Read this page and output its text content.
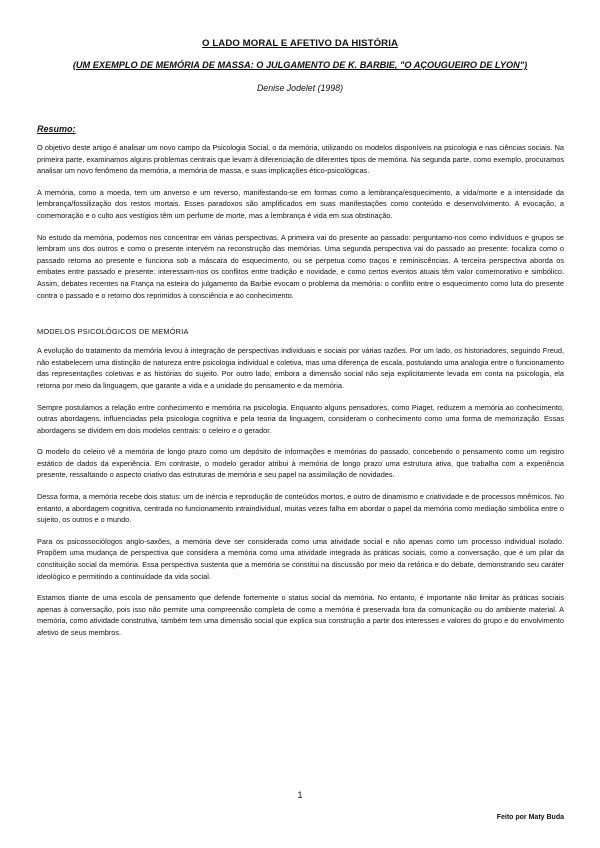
O LADO MORAL E AFETIVO DA HISTÓRIA
(UM EXEMPLO DE MEMÓRIA DE MASSA: O JULGAMENTO DE K. BARBIE, "O AÇOUGUEIRO DE LYON")
Denise Jodelet (1998)
Resumo:

O objetivo deste artigo é analisar um novo campo da Psicologia Social, o da memória, utilizando os modelos disponíveis na psicologia e nas ciências sociais. Na primeira parte, examinamos alguns problemas centrais que levam à diferenciação de diferentes tipos de memória. Na segunda parte, como exemplo, procuramos analisar um novo fenômeno da memória, a memória de massa, e suas implicações ético-psicológicas.

A memória, como a moeda, tem um anverso e um reverso, manifestando-se em formas como a lembrança/esquecimento, a vida/morte e a intensidade da lembrança/fossilização dos restos mortais. Esses paradoxos são amplificados em suas manifestações como conteúdo e desenvolvimento. A evocação, a comemoração e o culto aos vestígios têm um perfume de morte, mas a lembrança é vida em sua obstinação.

No estudo da memória, podemos nos concentrar em várias perspectivas. A primeira vai do presente ao passado: perguntamo-nos como indivíduos e grupos se lembram uns dos outros e como o presente intervém na reconstrução das memórias. Uma segunda perspectiva vai do passado ao presente: focaliza como o passado retorna ao presente e funciona sob a máscara do esquecimento, ou se perpetua como traços e reminiscências. A terceira perspectiva aborda os embates entre passado e presente: interessam-nos os conflitos entre tradição e novidade, e como certos eventos atuais têm valor comemorativo e simbólico. Assim, debates recentes na França na esteira do julgamento da Barbie evocam o problema da memória: o conflito entre o esquecimento como luta do presente contra o passado e o retorno dos reprimidos à consciência e ao conhecimento.

MODELOS PSICOLÓGICOS DE MEMÓRIA

A evolução do tratamento da memória levou à integração de perspectivas individuais e sociais por várias razões. Por um lado, os historiadores, seguindo Freud, não estabelecem uma distinção de natureza entre psicologia individual e coletiva, mas uma diferença de escala, postulando uma analogia entre o funcionamento das representações coletivas e as histórias do sujeito. Por outro lado, embora a dimensão social não seja explicitamente levada em conta na psicologia, ela retorna por meio da linguagem, que garante a vida e a unidade do pensamento e da memória.

Sempre postulamos a relação entre conhecimento e memória na psicologia. Enquanto alguns pensadores, como Piaget, reduzem a memória ao conhecimento, outras abordagens, influenciadas pela psicologia cognitiva e pela teoria da linguagem, consideram o conhecimento como uma forma de memorização. Essas abordagens se dividem em dois modelos centrais: o celeiro e o gerador.

O modelo do celeiro vê a memória de longo prazo como um depósito de informações e memórias do passado, concebendo o pensamento como um registro estático de dados da experiência. Em contraste, o modelo gerador atribui à memória de longo prazo uma estrutura ativa, que trabalha com a experiência presente, ressaltando o aspecto criativo das estruturas de memória e seu papel na assimilação de novidades.

Dessa forma, a memória recebe dois status: um de inércia e reprodução de conteúdos mortos, e outro de dinamismo e criatividade e de processos mnêmicos. No entanto, a abordagem cognitiva, centrada no funcionamento intraindividual, muitas vezes falha em abordar o papel da memória como mediação simbólica entre o sujeito, os outros e o mundo.

Para os psicossociólogos anglo-saxões, a memória deve ser considerada como uma atividade social e não apenas como um processo individual isolado. Propõem uma mudança de perspectiva que considera a memória como uma atividade integrada às práticas sociais, como a conversação, que é um pilar da constituição social da memória. Essa perspectiva sustenta que a memória se constitui na discussão por meio da retórica e do debate, demonstrando seu caráter ideológico e permitindo a continuidade da vida social.

Estamos diante de uma escola de pensamento que defende fortemente o status social da memória. No entanto, é importante não limitar às práticas sociais apenas à conversação, pois isso não permite uma compreensão completa de como a memória é preservada fora da comunicação ou do ambiente material. A memória, como atividade construtiva, também tem uma dimensão social que explica sua construção a partir dos interesses e valores do grupo e do envolvimento afetivo de seus membros.

1
Feito por Maty Buda
